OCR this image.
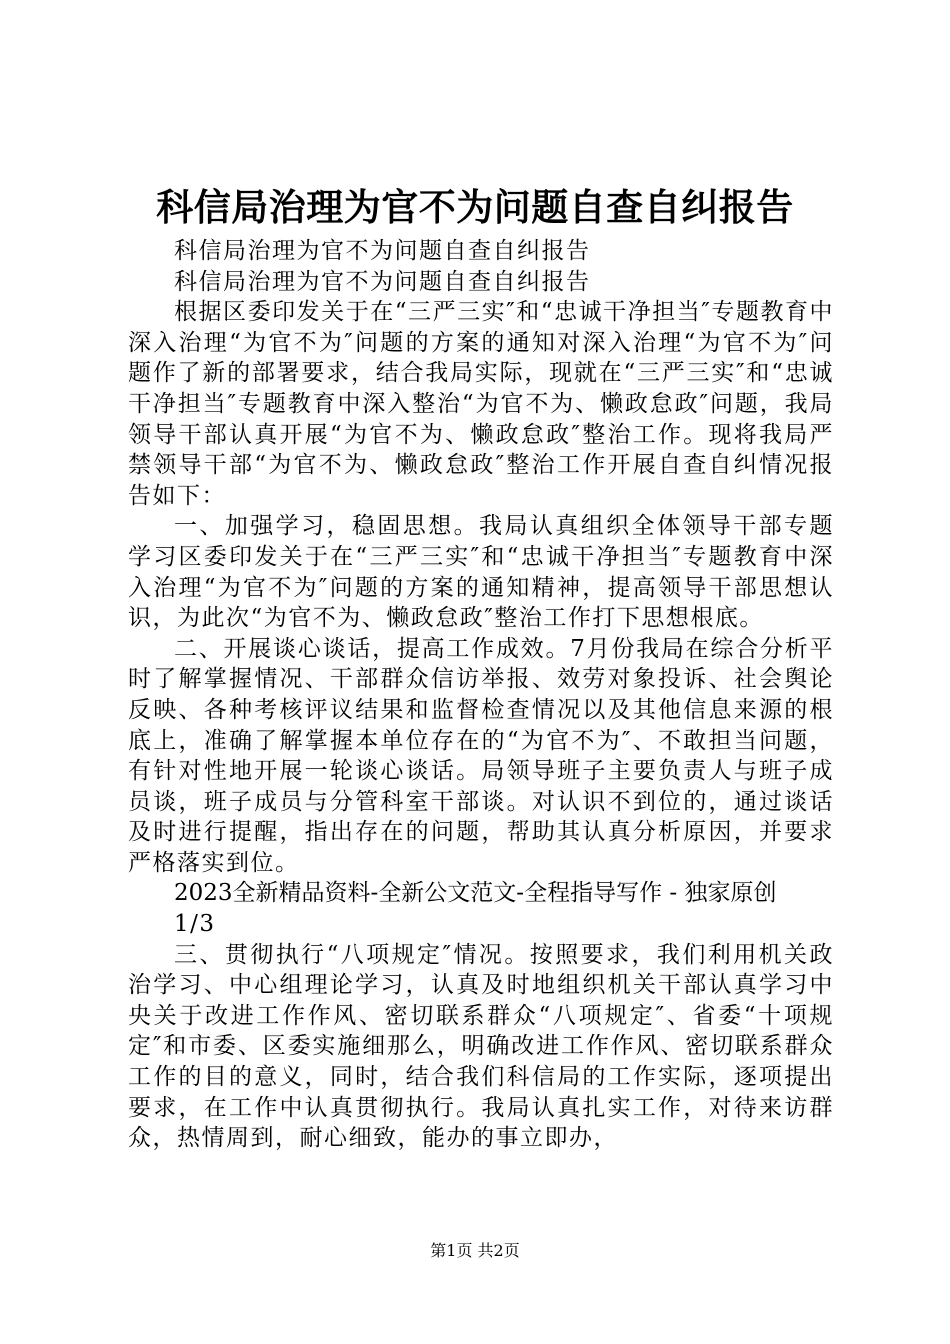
科信局治理为官不为问题自查自纠报告

科信局治理为官不为问题自查自纠报告

科信局治理为官不为问题自查自纠报告

根据区委印发关于在“三严三实″和“忠诚干净担当″专题教育中深入治理“为官不为″问题的方案的通知对深入治理“为官不为″问题作了新的部署要求，结合我局实际，现就在“三严三实″和“忠诚干净担当″专题教育中深入整治“为官不为、懒政怠政″问题，我局领导干部认真开展“为官不为、懒政怠政″整治工作。现将我局严禁领导干部“为官不为、懒政怠政″整治工作开展自查自纠情况报告如下：

一、加强学习，稳固思想。我局认真组织全体领导干部专题学习区委印发关于在“三严三实″和“忠诚干净担当″专题教育中深入治理“为官不为″问题的方案的通知精神，提高领导干部思想认识，为此次“为官不为、懒政怠政″整治工作打下思想根底。

二、开展谈心谈话，提高工作成效。7月份我局在综合分析平时了解掌握情况、干部群众信访举报、效劳对象投诉、社会舆论反映、各种考核评议结果和监督检查情况以及其他信息来源的根底上，准确了解掌握本单位存在的“为官不为″、不敢担当问题，有针对性地开展一轮谈心谈话。局领导班子主要负责人与班子成员谈，班子成员与分管科室干部谈。对认识不到位的，通过谈话及时进行提醒，指出存在的问题，帮助其认真分析原因，并要求严格落实到位。

2023全新精品资料-全新公文范文-全程指导写作 - 独家原创

1/3

三、贯彻执行“八项规定″情况。按照要求，我们利用机关政治学习、中心组理论学习，认真及时地组织机关干部认真学习中央关于改进工作作风、密切联系群众“八项规定″、省委“十项规定″和市委、区委实施细那么，明确改进工作作风、密切联系群众工作的目的意义，同时，结合我们科信局的工作实际，逐项提出要求，在工作中认真贯彻执行。我局认真扎实工作，对待来访群众，热情周到，耐心细致，能办的事立即办，

第1页 共2页
